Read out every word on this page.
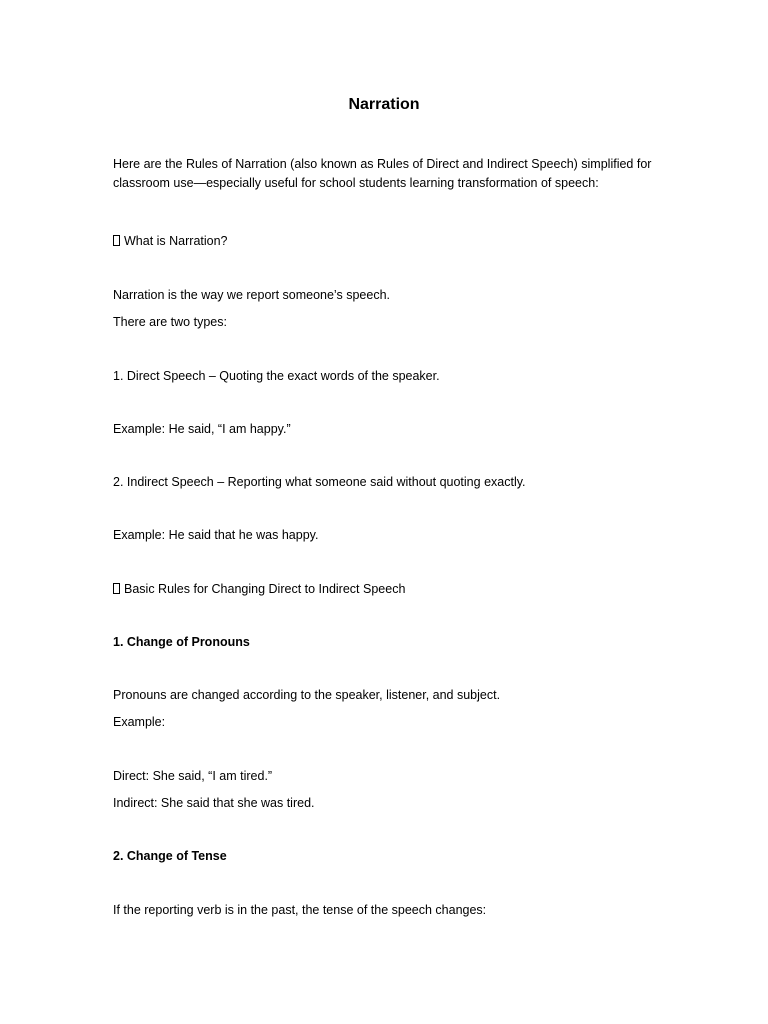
Narration
Here are the Rules of Narration (also known as Rules of Direct and Indirect Speech) simplified for
classroom use—especially useful for school students learning transformation of speech:
What is Narration?
Narration is the way we report someone’s speech.
There are two types:
1. Direct Speech – Quoting the exact words of the speaker.
Example: He said, “I am happy.”
2. Indirect Speech – Reporting what someone said without quoting exactly.
Example: He said that he was happy.
Basic Rules for Changing Direct to Indirect Speech
1. Change of Pronouns
Pronouns are changed according to the speaker, listener, and subject.
Example:
Direct: She said, “I am tired.”
Indirect: She said that she was tired.
2. Change of Tense
If the reporting verb is in the past, the tense of the speech changes:
